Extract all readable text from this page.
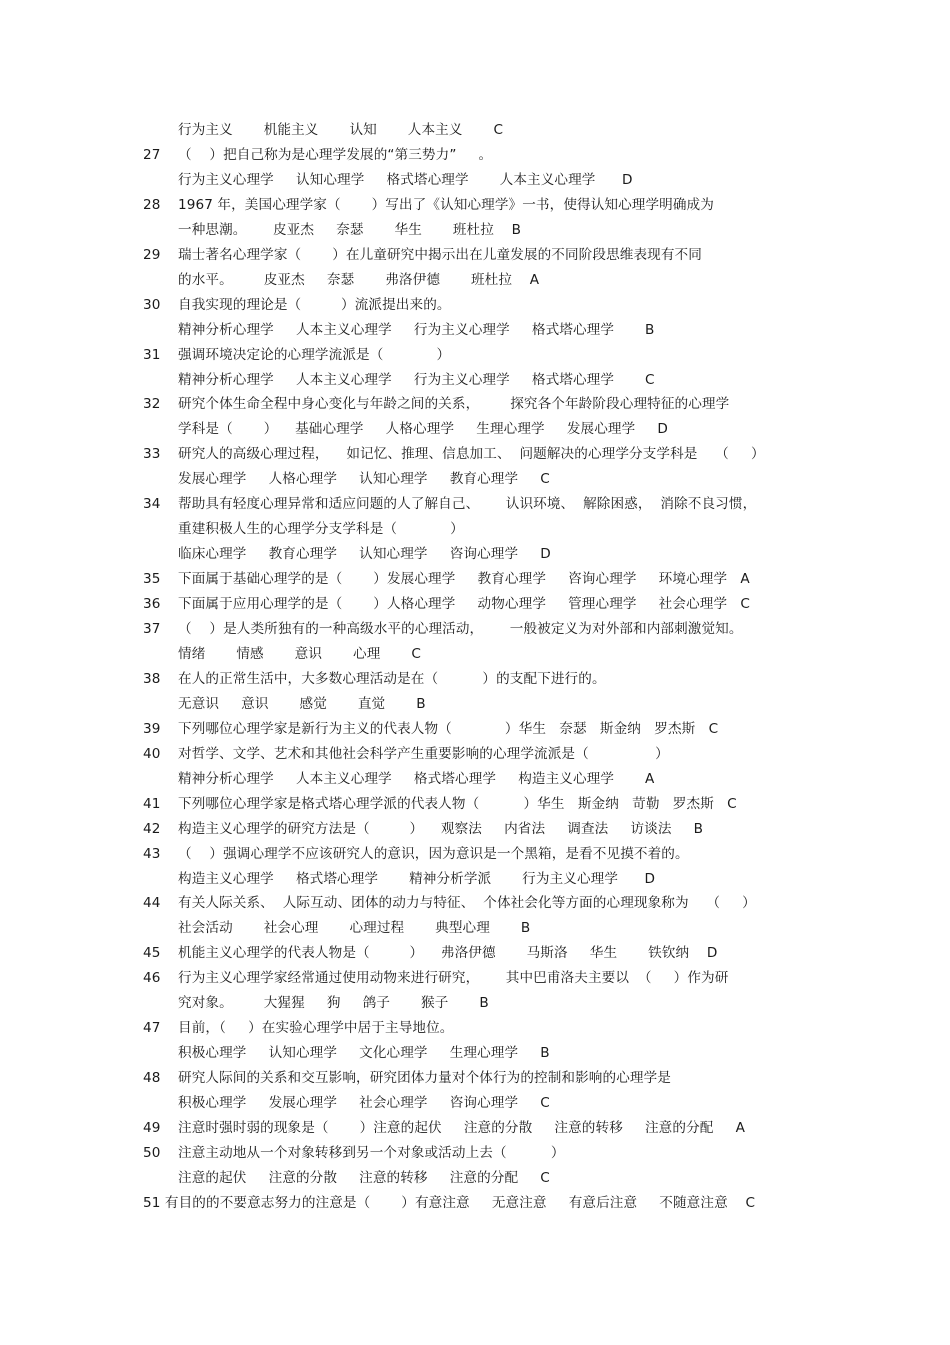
行为主义       机能主义       认知       人本主义       C
27 （    ）把自己称为是心理学发展的“第三势力”     。
行为主义心理学     认知心理学     格式塔心理学       人本主义心理学      D
28 1967 年，美国心理学家（       ）写出了《认知心理学》一书，使得认知心理学明确成为
一种思潮。      皮亚杰     奈瑟       华生       班杜拉    B
29 瑞士著名心理学家（       ）在儿童研究中揭示出在儿童发展的不同阶段思维表现有不同
的水平。       皮亚杰     奈瑟       弗洛伊德       班杜拉    A
30 自我实现的理论是（         ）流派提出来的。
精神分析心理学     人本主义心理学     行为主义心理学     格式塔心理学       B
31 强调环境决定论的心理学流派是（            ）
精神分析心理学     人本主义心理学     行为主义心理学     格式塔心理学       C
32 研究个体生命全程中身心变化与年龄之间的关系，       探究各个年龄阶段心理特征的心理学
学科是（       ）    基础心理学     人格心理学     生理心理学     发展心理学     D
33 研究人的高级心理过程，    如记忆、推理、信息加工、  问题解决的心理学分支学科是    （     ）
发展心理学     人格心理学     认知心理学     教育心理学     C
34 帮助具有轻度心理异常和适应问题的人了解自己、      认识环境、  解除困惑，  消除不良习惯，
重建积极人生的心理学分支学科是（            ）
临床心理学     教育心理学     认知心理学     咨询心理学     D
35 下面属于基础心理学的是（       ）发展心理学     教育心理学     咨询心理学     环境心理学   A
36 下面属于应用心理学的是（       ）人格心理学     动物心理学     管理心理学     社会心理学   C
37 （    ）是人类所独有的一种高级水平的心理活动，      一般被定义为对外部和内部刺激觉知。
情绪       情感       意识       心理       C
38 在人的正常生活中，大多数心理活动是在（          ）的支配下进行的。
无意识     意识       感觉       直觉       B
39 下列哪位心理学家是新行为主义的代表人物（            ）华生   奈瑟   斯金纳   罗杰斯   C
40 对哲学、文学、艺术和其他社会科学产生重要影响的心理学流派是（               ）
精神分析心理学     人本主义心理学     格式塔心理学     构造主义心理学       A
41 下列哪位心理学家是格式塔心理学派的代表人物（          ）华生   斯金纳   苛勒   罗杰斯   C
42 构造主义心理学的研究方法是（         ）    观察法     内省法     调查法     访谈法     B
43 （    ）强调心理学不应该研究人的意识，因为意识是一个黑箱，是看不见摸不着的。
构造主义心理学     格式塔心理学       精神分析学派       行为主义心理学      D
44 有关人际关系、  人际互动、团体的动力与特征、  个体社会化等方面的心理现象称为    （     ）
社会活动       社会心理       心理过程       典型心理       B
45 机能主义心理学的代表人物是（         ）    弗洛伊德       马斯洛     华生       铁钦纳    D
46 行为主义心理学家经常通过使用动物来进行研究，      其中巴甫洛夫主要以  （     ）作为研
究对象。       大猩猩     狗     鸽子       猴子       B
47 目前，（     ）在实验心理学中居于主导地位。
积极心理学     认知心理学     文化心理学     生理心理学     B
48 研究人际间的关系和交互影响，研究团体力量对个体行为的控制和影响的心理学是
积极心理学     发展心理学     社会心理学     咨询心理学     C
49 注意时强时弱的现象是（       ）注意的起伏     注意的分散     注意的转移     注意的分配     A
50 注意主动地从一个对象转移到另一个对象或活动上去（          ）
注意的起伏     注意的分散     注意的转移     注意的分配     C
51 有目的的不要意志努力的注意是（       ）有意注意     无意注意     有意后注意     不随意注意    C
